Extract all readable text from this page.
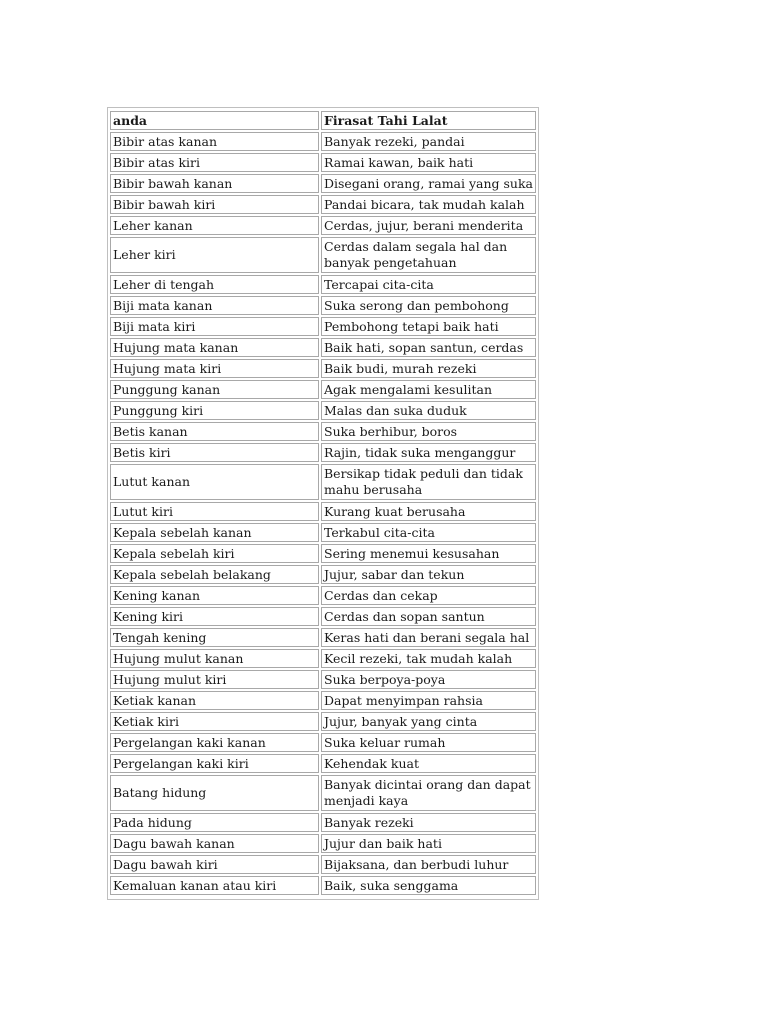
anda	Firasat Tahi Lalat
Bibir atas kanan	Banyak rezeki, pandai
Bibir atas kiri	Ramai kawan, baik hati
Bibir bawah kanan	Disegani orang, ramai yang suka
Bibir bawah kiri	Pandai bicara, tak mudah kalah
Leher kanan	Cerdas, jujur, berani menderita
Leher kiri	Cerdas dalam segala hal dan banyak pengetahuan
Leher di tengah	Tercapai cita-cita
Biji mata kanan	Suka serong dan pembohong
Biji mata kiri	Pembohong tetapi baik hati
Hujung mata kanan	Baik hati, sopan santun, cerdas
Hujung mata kiri	Baik budi, murah rezeki
Punggung kanan	Agak mengalami kesulitan
Punggung kiri	Malas dan suka duduk
Betis kanan	Suka berhibur, boros
Betis kiri	Rajin, tidak suka menganggur
Lutut kanan	Bersikap tidak peduli dan tidak mahu berusaha
Lutut kiri	Kurang kuat berusaha
Kepala sebelah kanan	Terkabul cita-cita
Kepala sebelah kiri	Sering menemui kesusahan
Kepala sebelah belakang	Jujur, sabar dan tekun
Kening kanan	Cerdas dan cekap
Kening kiri	Cerdas dan sopan santun
Tengah kening	Keras hati dan berani segala hal
Hujung mulut kanan	Kecil rezeki, tak mudah kalah
Hujung mulut kiri	Suka berpoya-poya
Ketiak kanan	Dapat menyimpan rahsia
Ketiak kiri	Jujur, banyak yang cinta
Pergelangan kaki kanan	Suka keluar rumah
Pergelangan kaki kiri	Kehendak kuat
Batang hidung	Banyak dicintai orang dan dapat menjadi kaya
Pada hidung	Banyak rezeki
Dagu bawah kanan	Jujur dan baik hati
Dagu bawah kiri	Bijaksana, dan berbudi luhur
Kemaluan kanan atau kiri	Baik, suka senggama
